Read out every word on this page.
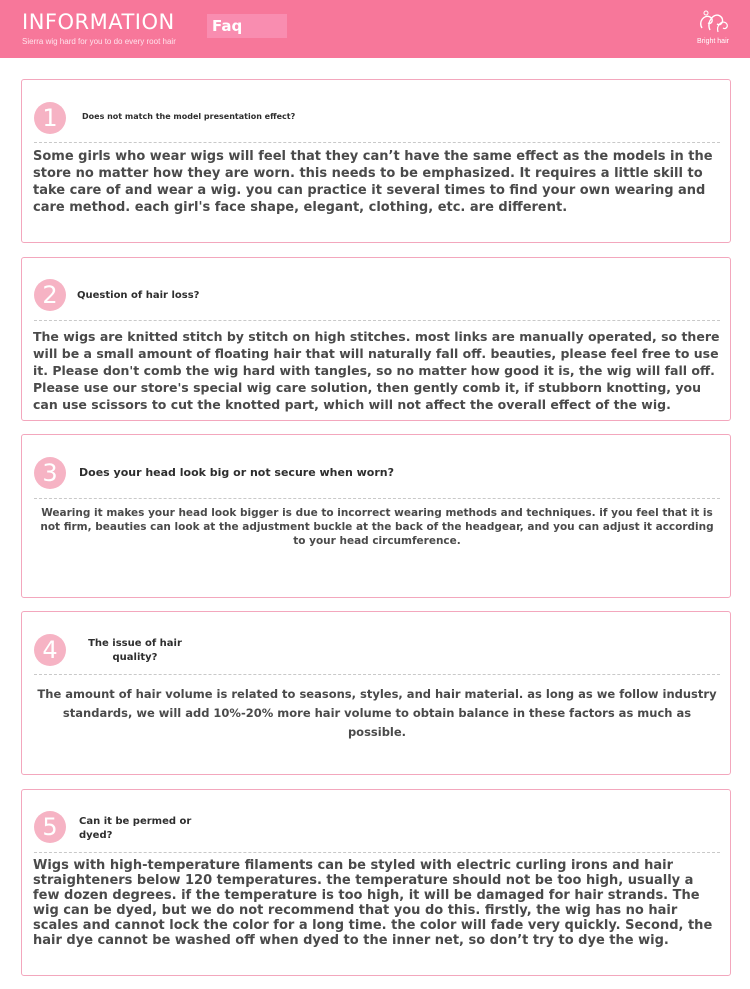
INFORMATION
Sierra wig hard for you to do every root hair
Faq
Bright hair
1	Does not match the model presentation effect?
Some girls who wear wigs will feel that they can’t have the same effect as the models in the store no matter how they are worn. this needs to be emphasized. It requires a little skill to take care of and wear a wig. you can practice it several times to find your own wearing and care method. each girl's face shape, elegant, clothing, etc. are different.
2	Question of hair loss?
The wigs are knitted stitch by stitch on high stitches. most links are manually operated, so there will be a small amount of floating hair that will naturally fall off. beauties, please feel free to use it. Please don't comb the wig hard with tangles, so no matter how good it is, the wig will fall off. Please use our store's special wig care solution, then gently comb it, if stubborn knotting, you can use scissors to cut the knotted part, which will not affect the overall effect of the wig.
3	Does your head look big or not secure when worn?
Wearing it makes your head look bigger is due to incorrect wearing methods and techniques. if you feel that it is not firm, beauties can look at the adjustment buckle at the back of the headgear, and you can adjust it according to your head circumference.
4	The issue of hair quality?
The amount of hair volume is related to seasons, styles, and hair material. as long as we follow industry standards, we will add 10%-20% more hair volume to obtain balance in these factors as much as possible.
5	Can it be permed or dyed?
Wigs with high-temperature filaments can be styled with electric curling irons and hair straighteners below 120 temperatures. the temperature should not be too high, usually a few dozen degrees. if the temperature is too high, it will be damaged for hair strands. The wig can be dyed, but we do not recommend that you do this. firstly, the wig has no hair scales and cannot lock the color for a long time. the color will fade very quickly. Second, the hair dye cannot be washed off when dyed to the inner net, so don’t try to dye the wig.
